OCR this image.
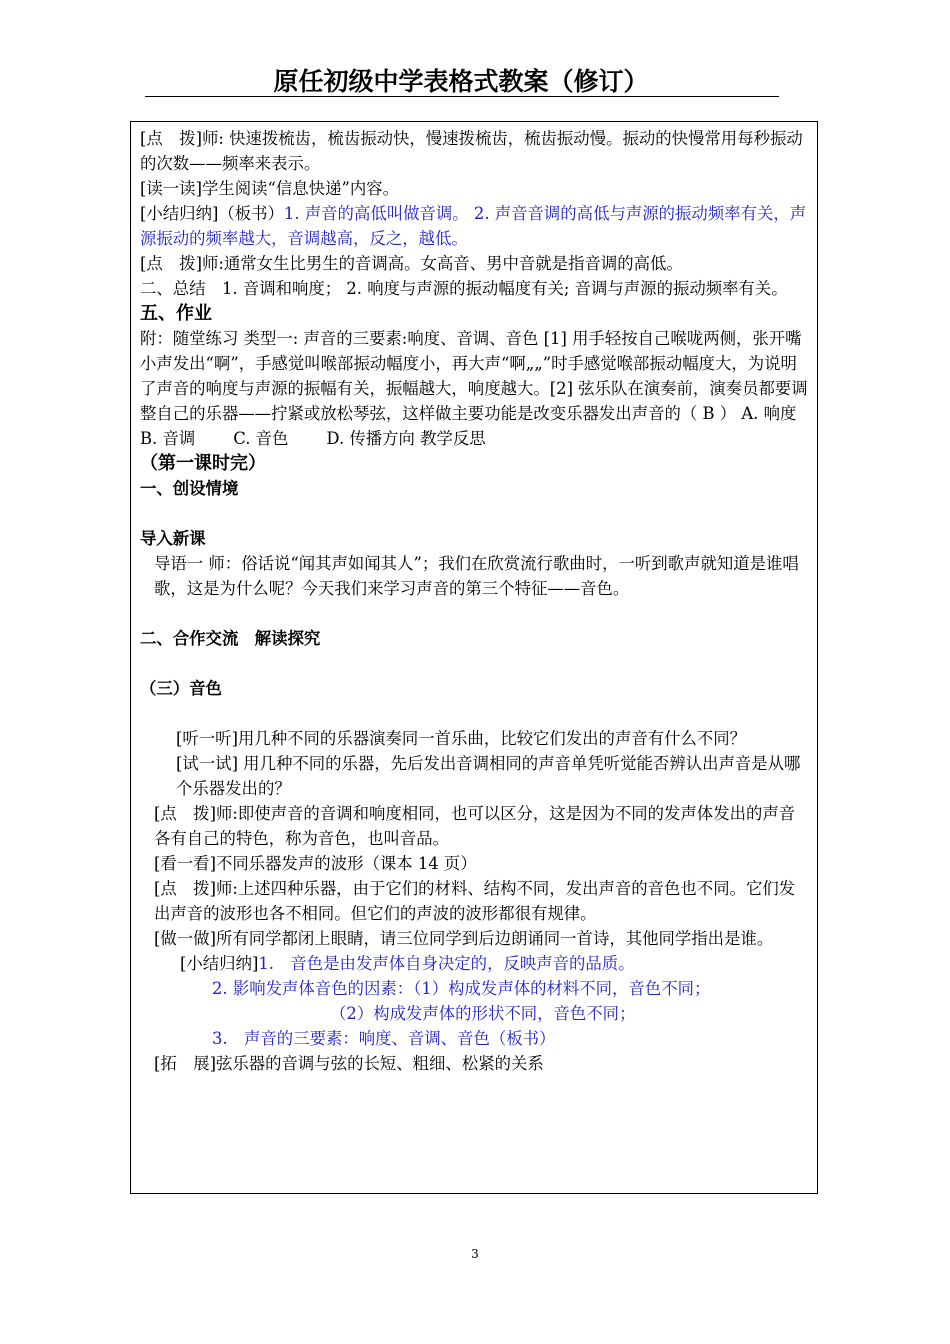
原任初级中学表格式教案（修订）

[点　拨]师: 快速拨梳齿，梳齿振动快，慢速拨梳齿，梳齿振动慢。振动的快慢常用每秒振动的次数——频率来表示。

[读一读]学生阅读“信息快递”内容。

[小结归纳]（板书）1. 声音的高低叫做音调。 2. 声音音调的高低与声源的振动频率有关，声源振动的频率越大，音调越高，反之，越低。

[点　拨]师:通常女生比男生的音调高。女高音、男中音就是指音调的高低。

二、总结　1. 音调和响度； 2. 响度与声源的振动幅度有关; 音调与声源的振动频率有关。

五、作业

附：随堂练习 类型一: 声音的三要素:响度、音调、音色 [1] 用手轻按自己喉咙两侧，张开嘴小声发出“啊”，手感觉叫喉部振动幅度小，再大声“啊„„”时手感觉喉部振动幅度大，为说明了声音的响度与声源的振幅有关，振幅越大，响度越大。[2] 弦乐队在演奏前，演奏员都要调整自己的乐器——拧紧或放松琴弦，这样做主要功能是改变乐器发出声音的（ B ） A. 响度　　 B. 音调　　 C. 音色　　 D. 传播方向 教学反思

（第一课时完）

一、创设情境

导入新课

导语一 师：俗话说“闻其声如闻其人”；我们在欣赏流行歌曲时，一听到歌声就知道是谁唱歌，这是为什么呢？今天我们来学习声音的第三个特征——音色。

二、合作交流　解读探究

（三）音色

[听一听]用几种不同的乐器演奏同一首乐曲，比较它们发出的声音有什么不同？

[试一试] 用几种不同的乐器，先后发出音调相同的声音单凭听觉能否辨认出声音是从哪个乐器发出的？

[点　拨]师:即使声音的音调和响度相同，也可以区分，这是因为不同的发声体发出的声音各有自己的特色，称为音色，也叫音品。

[看一看]不同乐器发声的波形（课本 14 页）

[点　拨]师:上述四种乐器，由于它们的材料、结构不同，发出声音的音色也不同。它们发出声音的波形也各不相同。但它们的声波的波形都很有规律。

[做一做]所有同学都闭上眼睛，请三位同学到后边朗诵同一首诗，其他同学指出是谁。

[小结归纳]1.　音色是由发声体自身决定的，反映声音的品质。

2. 影响发声体音色的因素：（1）构成发声体的材料不同，音色不同；

（2）构成发声体的形状不同，音色不同；

3.　声音的三要素：响度、音调、音色（板书）

[拓　展]弦乐器的音调与弦的长短、粗细、松紧的关系

3
